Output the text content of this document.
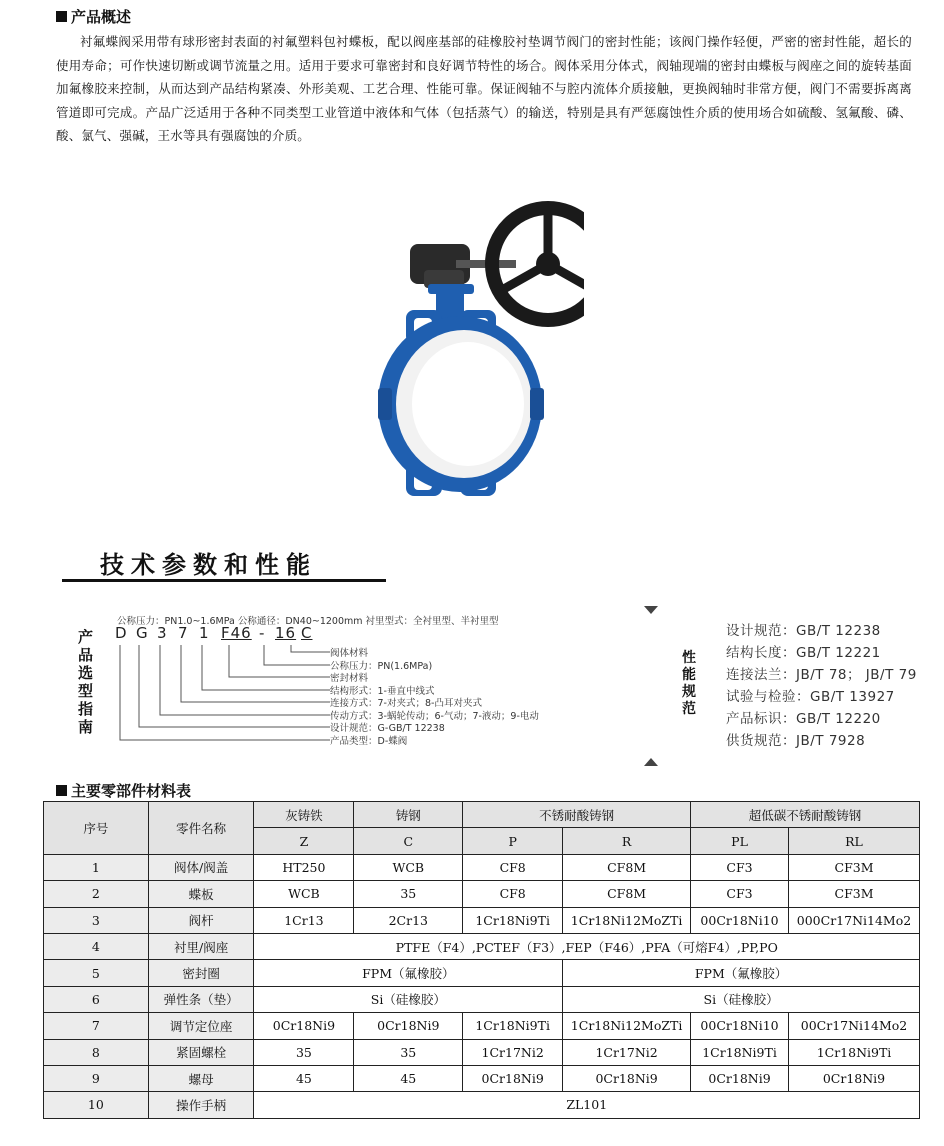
产品概述
衬氟蝶阀采用带有球形密封表面的衬氟塑料包衬蝶板，配以阀座基部的硅橡胶衬垫调节阀门的密封性能；该阀门操作轻便，严密的密封性能，超长的使用寿命；可作快速切断或调节流量之用。适用于要求可靠密封和良好调节特性的场合。阀体采用分体式，阀轴现端的密封由蝶板与阀座之间的旋转基面加氟橡胶来控制，从而达到产品结构紧凑、外形美观、工艺合理、性能可靠。保证阀轴不与腔内流体介质接触，更换阀轴时非常方便，阀门不需要拆离离管道即可完成。产品广泛适用于各种不同类型工业管道中液体和气体（包括蒸气）的输送，特别是具有严惩腐蚀性介质的使用场合如硫酸、氢氟酸、磷、酸、氯气、强碱，王水等具有强腐蚀的介质。
技术参数和性能
产品选型指南
公称压力：PN1.0~1.6MPa 公称通径：DN40~1200mm 衬里型式：全衬里型、半衬里型
D G 3 7 1 F46 - 16 C
阀体材料
公称压力：PN(1.6MPa)
密封材料
结构形式：1-垂直中线式
连接方式：7-对夹式；8-凸耳对夹式
传动方式：3-蜗轮传动；6-气动；7-液动；9-电动
设计规范：G-GB/T 12238
产品类型：D-蝶阀
性能规范
设计规范：GB/T 12238
结构长度：GB/T 12221
连接法兰：JB/T 78； JB/T 79
试验与检验：GB/T 13927
产品标识：GB/T 12220
供货规范：JB/T 7928
主要零部件材料表
序号	零件名称	灰铸铁	铸钢	不锈耐酸铸钢		超低碳不锈耐酸铸钢	
		Z	C	P	R	PL	RL
1	阀体/阀盖	HT250	WCB	CF8	CF8M	CF3	CF3M
2	蝶板	WCB	35	CF8	CF8M	CF3	CF3M
3	阀杆	1Cr13	2Cr13	1Cr18Ni9Ti	1Cr18Ni12MoZTi	00Cr18Ni10	000Cr17Ni14Mo2
4	衬里/阀座	PTFE（F4）,PCTEF（F3）,FEP（F46）,PFA（可熔F4）,PP,PO					
5	密封圈	FPM（氟橡胶）			FPM（氟橡胶）		
6	弹性条（垫）	Si（硅橡胶）			Si（硅橡胶）		
7	调节定位座	0Cr18Ni9	0Cr18Ni9	1Cr18Ni9Ti	1Cr18Ni12MoZTi	00Cr18Ni10	00Cr17Ni14Mo2
8	紧固螺栓	35	35	1Cr17Ni2	1Cr17Ni2	1Cr18Ni9Ti	1Cr18Ni9Ti
9	螺母	45	45	0Cr18Ni9	0Cr18Ni9	0Cr18Ni9	0Cr18Ni9
10	操作手柄	ZL101					
